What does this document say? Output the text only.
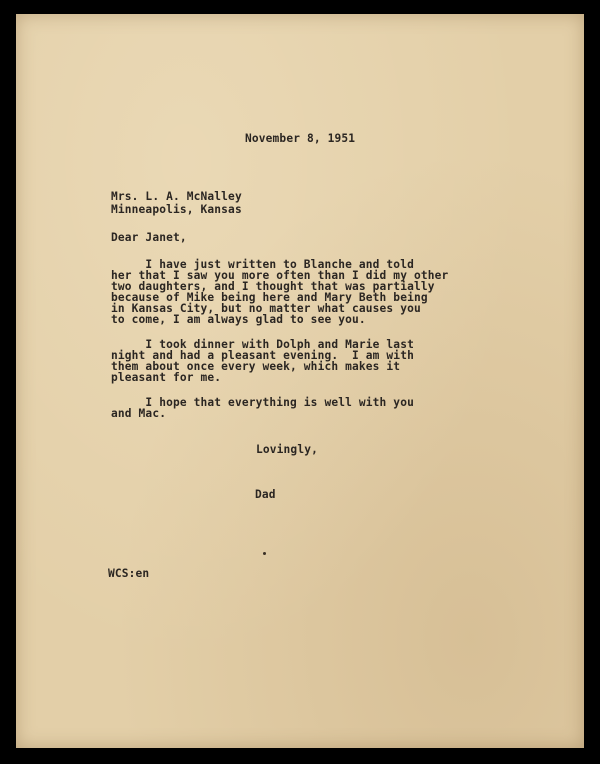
November 8, 1951
Mrs. L. A. McNalley
Minneapolis, Kansas
Dear Janet,

I have just written to Blanche and told

her that I saw you more often than I did my other

two daughters, and I thought that was partially

because of Mike being here and Mary Beth being

in Kansas City, but no matter what causes you

to come, I am always glad to see you.

I took dinner with Dolph and Marie last

night and had a pleasant evening.  I am with

them about once every week, which makes it

pleasant for me.

I hope that everything is well with you

and Mac.

Lovingly,
Dad
WCS:en
